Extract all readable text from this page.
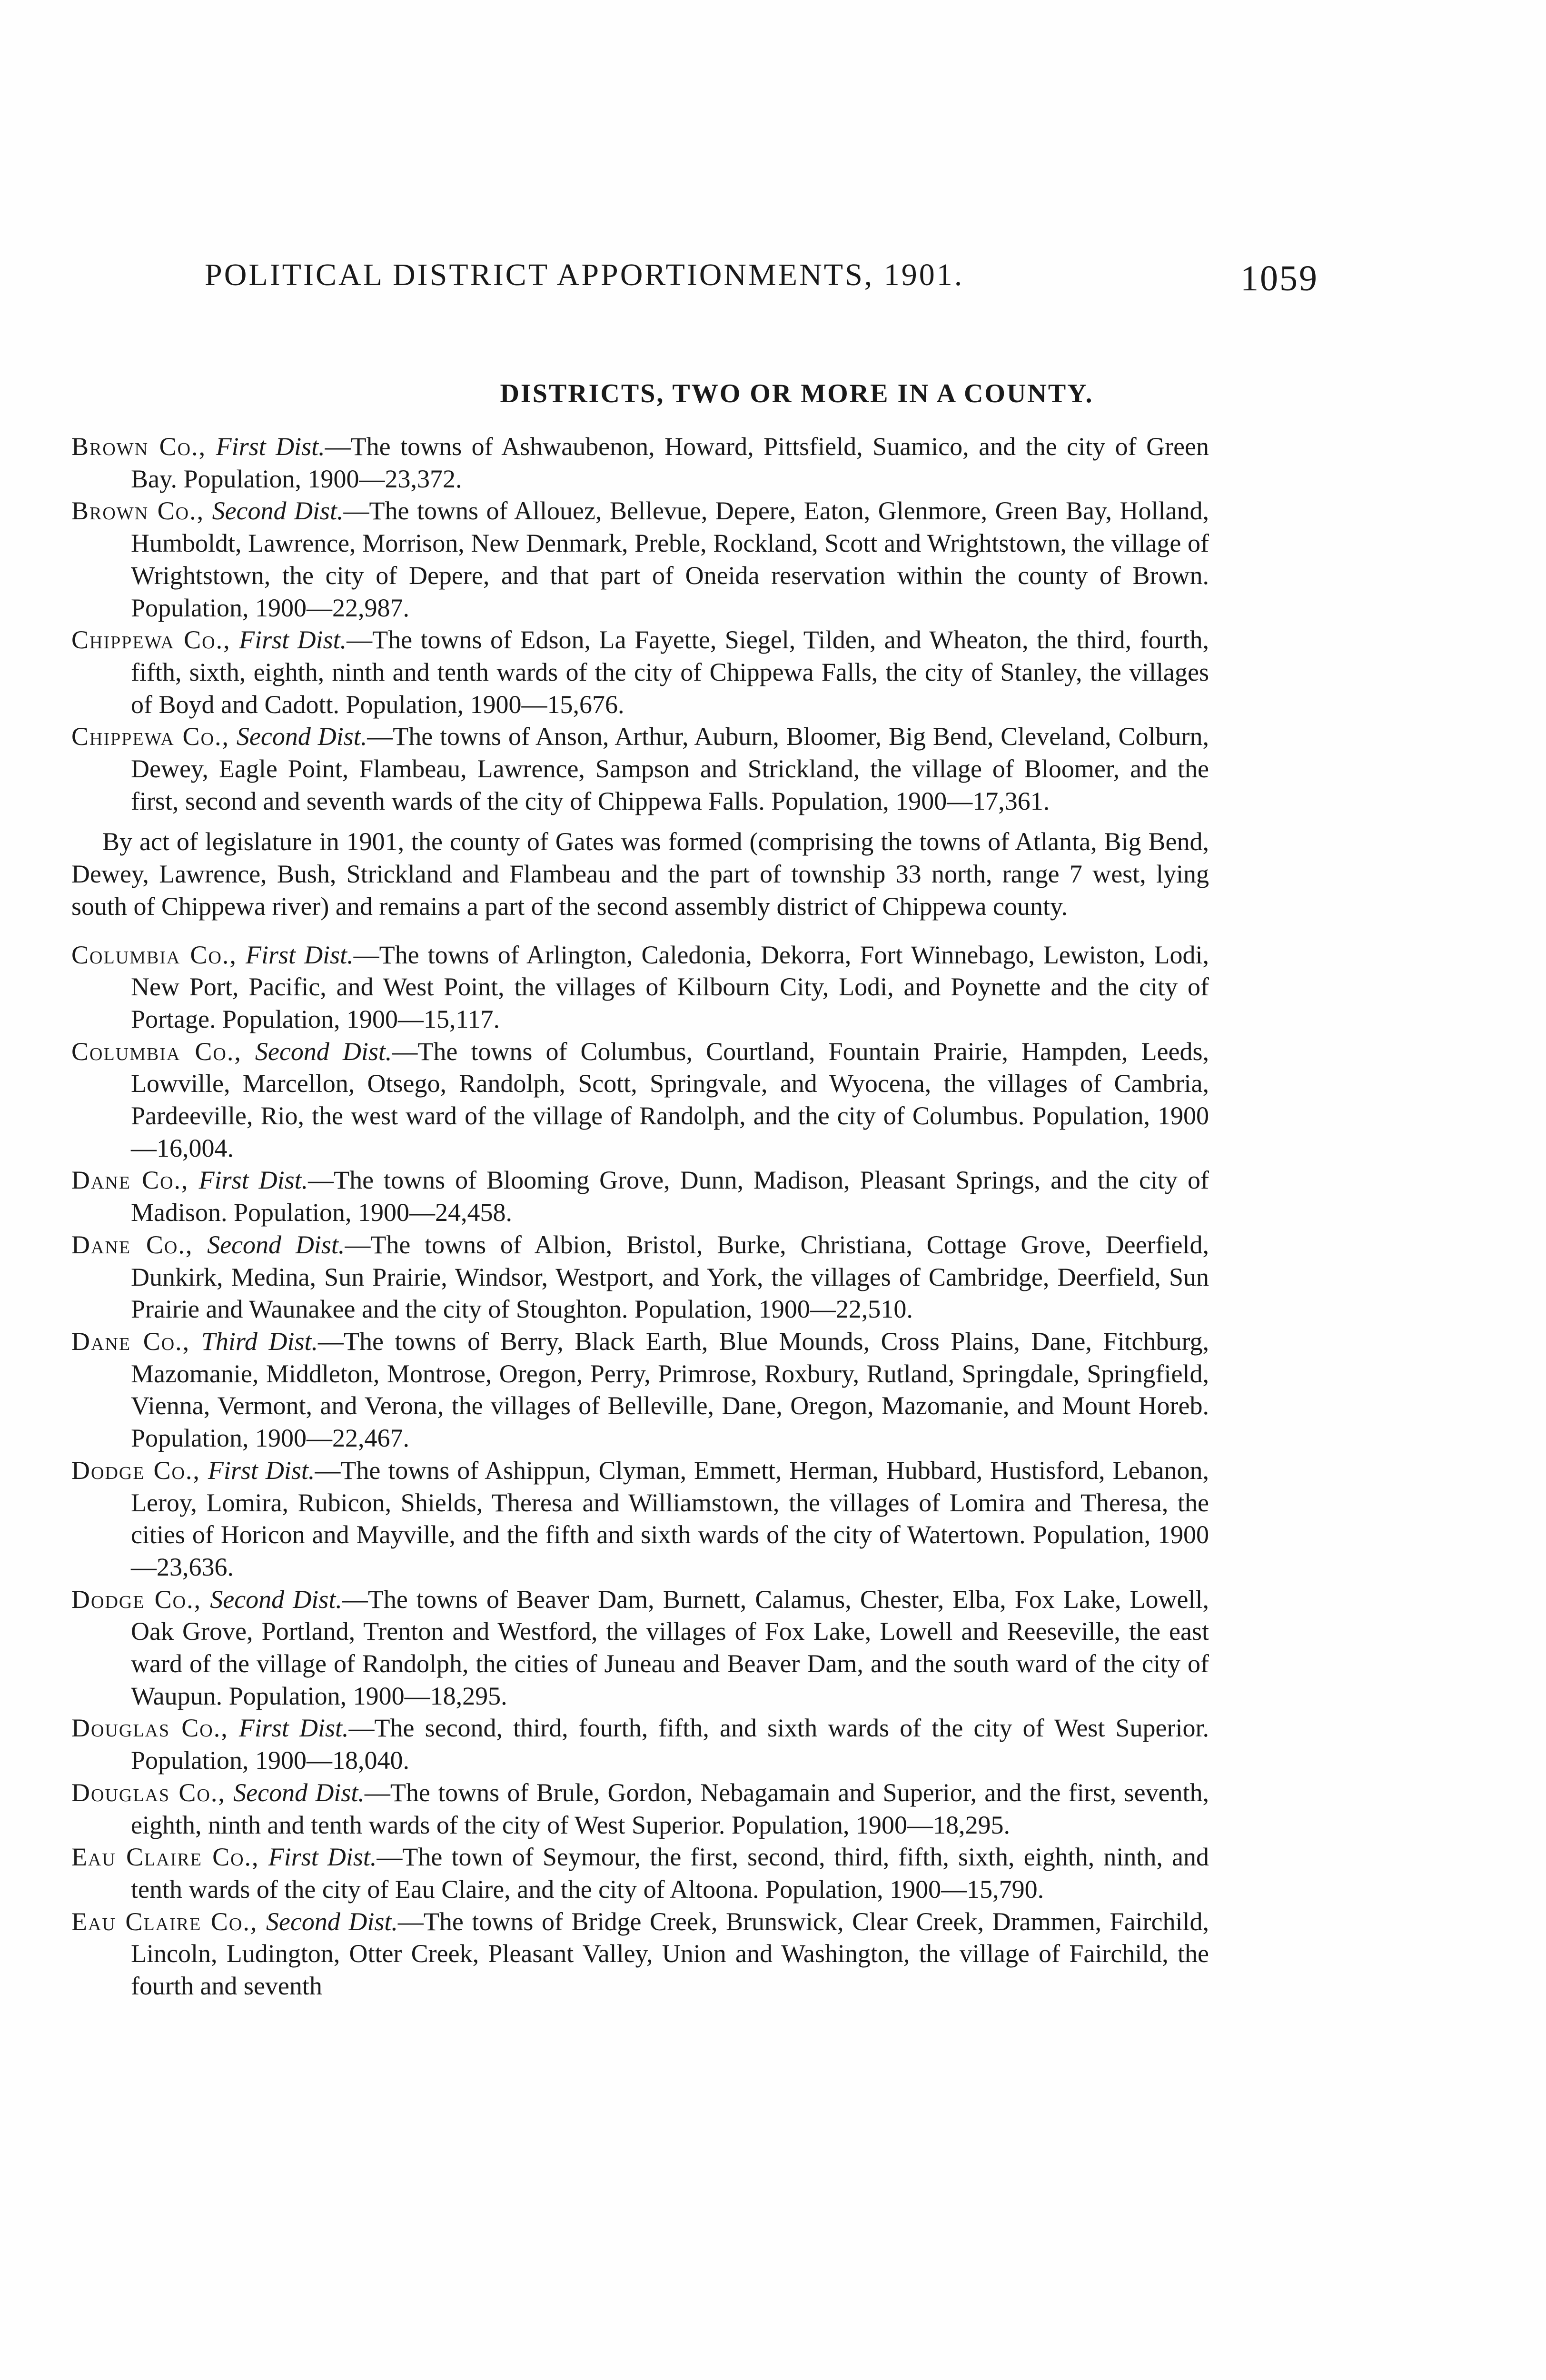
POLITICAL DISTRICT APPORTIONMENTS, 1901.	1059
DISTRICTS, TWO OR MORE IN A COUNTY.

Brown Co., First Dist.—The towns of Ashwaubenon, Howard, Pittsfield, Suamico, and the city of Green Bay. Population, 1900—23,372.

Brown Co., Second Dist.—The towns of Allouez, Bellevue, Depere, Eaton, Glenmore, Green Bay, Holland, Humboldt, Lawrence, Morrison, New Denmark, Preble, Rockland, Scott and Wrightstown, the village of Wrightstown, the city of Depere, and that part of Oneida reservation within the county of Brown. Population, 1900—22,987.

Chippewa Co., First Dist.—The towns of Edson, La Fayette, Siegel, Tilden, and Wheaton, the third, fourth, fifth, sixth, eighth, ninth and tenth wards of the city of Chippewa Falls, the city of Stanley, the villages of Boyd and Cadott. Population, 1900—15,676.

Chippewa Co., Second Dist.—The towns of Anson, Arthur, Auburn, Bloomer, Big Bend, Cleveland, Colburn, Dewey, Eagle Point, Flambeau, Lawrence, Sampson and Strickland, the village of Bloomer, and the first, second and seventh wards of the city of Chippewa Falls. Population, 1900—17,361.

By act of legislature in 1901, the county of Gates was formed (comprising the towns of Atlanta, Big Bend, Dewey, Lawrence, Bush, Strickland and Flambeau and the part of township 33 north, range 7 west, lying south of Chippewa river) and remains a part of the second assembly district of Chippewa county.

Columbia Co., First Dist.—The towns of Arlington, Caledonia, Dekorra, Fort Winnebago, Lewiston, Lodi, New Port, Pacific, and West Point, the villages of Kilbourn City, Lodi, and Poynette and the city of Portage. Population, 1900—15,117.

Columbia Co., Second Dist.—The towns of Columbus, Courtland, Fountain Prairie, Hampden, Leeds, Lowville, Marcellon, Otsego, Randolph, Scott, Springvale, and Wyocena, the villages of Cambria, Pardeeville, Rio, the west ward of the village of Randolph, and the city of Columbus. Population, 1900—16,004.

Dane Co., First Dist.—The towns of Blooming Grove, Dunn, Madison, Pleasant Springs, and the city of Madison. Population, 1900—24,458.

Dane Co., Second Dist.—The towns of Albion, Bristol, Burke, Christiana, Cottage Grove, Deerfield, Dunkirk, Medina, Sun Prairie, Windsor, Westport, and York, the villages of Cambridge, Deerfield, Sun Prairie and Waunakee and the city of Stoughton. Population, 1900—22,510.

Dane Co., Third Dist.—The towns of Berry, Black Earth, Blue Mounds, Cross Plains, Dane, Fitchburg, Mazomanie, Middleton, Montrose, Oregon, Perry, Primrose, Roxbury, Rutland, Springdale, Springfield, Vienna, Vermont, and Verona, the villages of Belleville, Dane, Oregon, Mazomanie, and Mount Horeb. Population, 1900—22,467.

Dodge Co., First Dist.—The towns of Ashippun, Clyman, Emmett, Herman, Hubbard, Hustisford, Lebanon, Leroy, Lomira, Rubicon, Shields, Theresa and Williamstown, the villages of Lomira and Theresa, the cities of Horicon and Mayville, and the fifth and sixth wards of the city of Watertown. Population, 1900—23,636.

Dodge Co., Second Dist.—The towns of Beaver Dam, Burnett, Calamus, Chester, Elba, Fox Lake, Lowell, Oak Grove, Portland, Trenton and Westford, the villages of Fox Lake, Lowell and Reeseville, the east ward of the village of Randolph, the cities of Juneau and Beaver Dam, and the south ward of the city of Waupun. Population, 1900—18,295.

Douglas Co., First Dist.—The second, third, fourth, fifth, and sixth wards of the city of West Superior. Population, 1900—18,040.

Douglas Co., Second Dist.—The towns of Brule, Gordon, Nebagamain and Superior, and the first, seventh, eighth, ninth and tenth wards of the city of West Superior. Population, 1900—18,295.

Eau Claire Co., First Dist.—The town of Seymour, the first, second, third, fifth, sixth, eighth, ninth, and tenth wards of the city of Eau Claire, and the city of Altoona. Population, 1900—15,790.

Eau Claire Co., Second Dist.—The towns of Bridge Creek, Brunswick, Clear Creek, Drammen, Fairchild, Lincoln, Ludington, Otter Creek, Pleasant Valley, Union and Washington, the village of Fairchild, the fourth and seventh
